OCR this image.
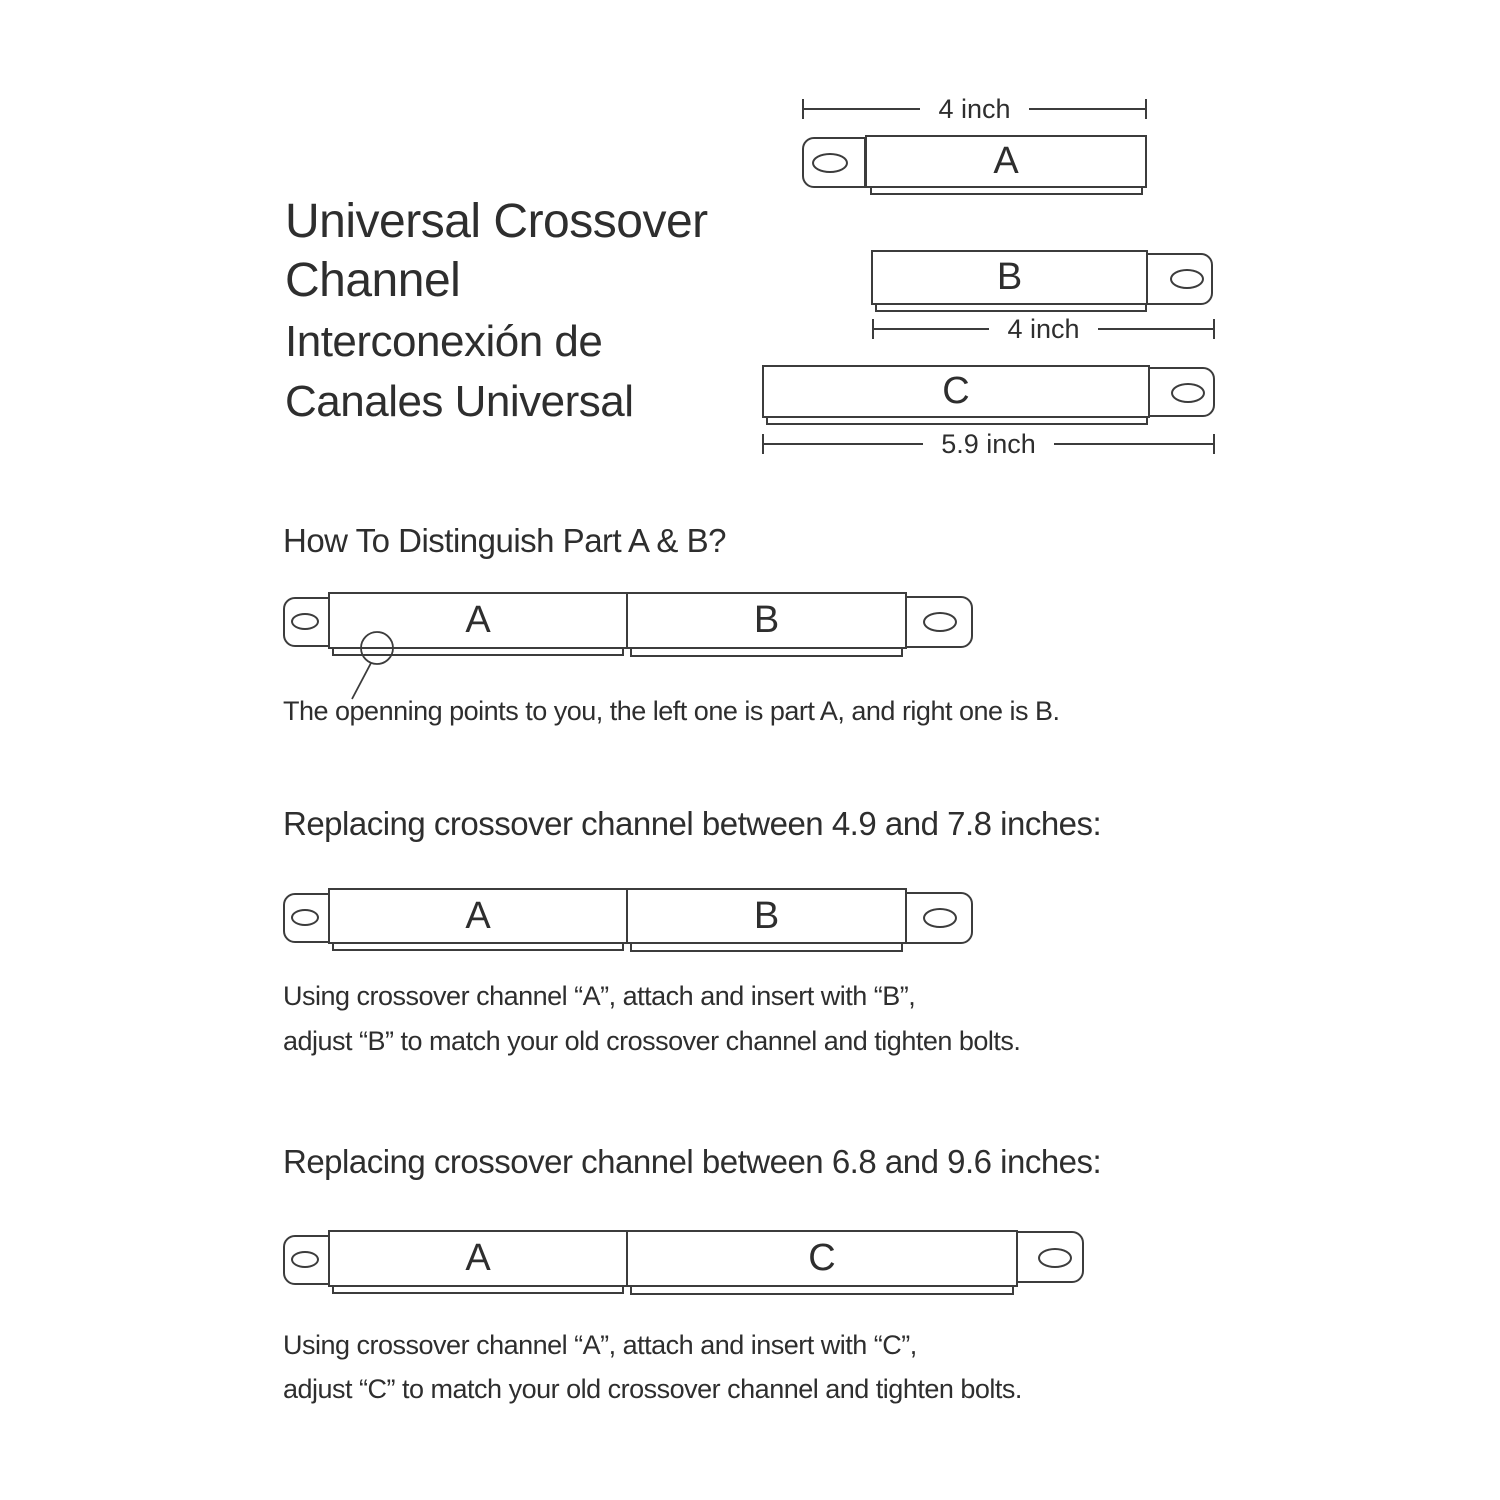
Universal Crossover
Channel
Interconexión de
Canales Universal
4 inch
A
B
4 inch
C
5.9 inch
How To Distinguish Part A & B?
A	B
The openning points to you, the left one is part A, and right one is B.
Replacing crossover channel between 4.9 and 7.8 inches:
A	B
Using crossover channel “A”, attach and insert with “B”,
adjust “B” to match your old crossover channel and tighten bolts.
Replacing crossover channel between 6.8 and 9.6 inches:
A	C
Using crossover channel “A”, attach and insert with “C”,
adjust “C” to match your old crossover channel and tighten bolts.
